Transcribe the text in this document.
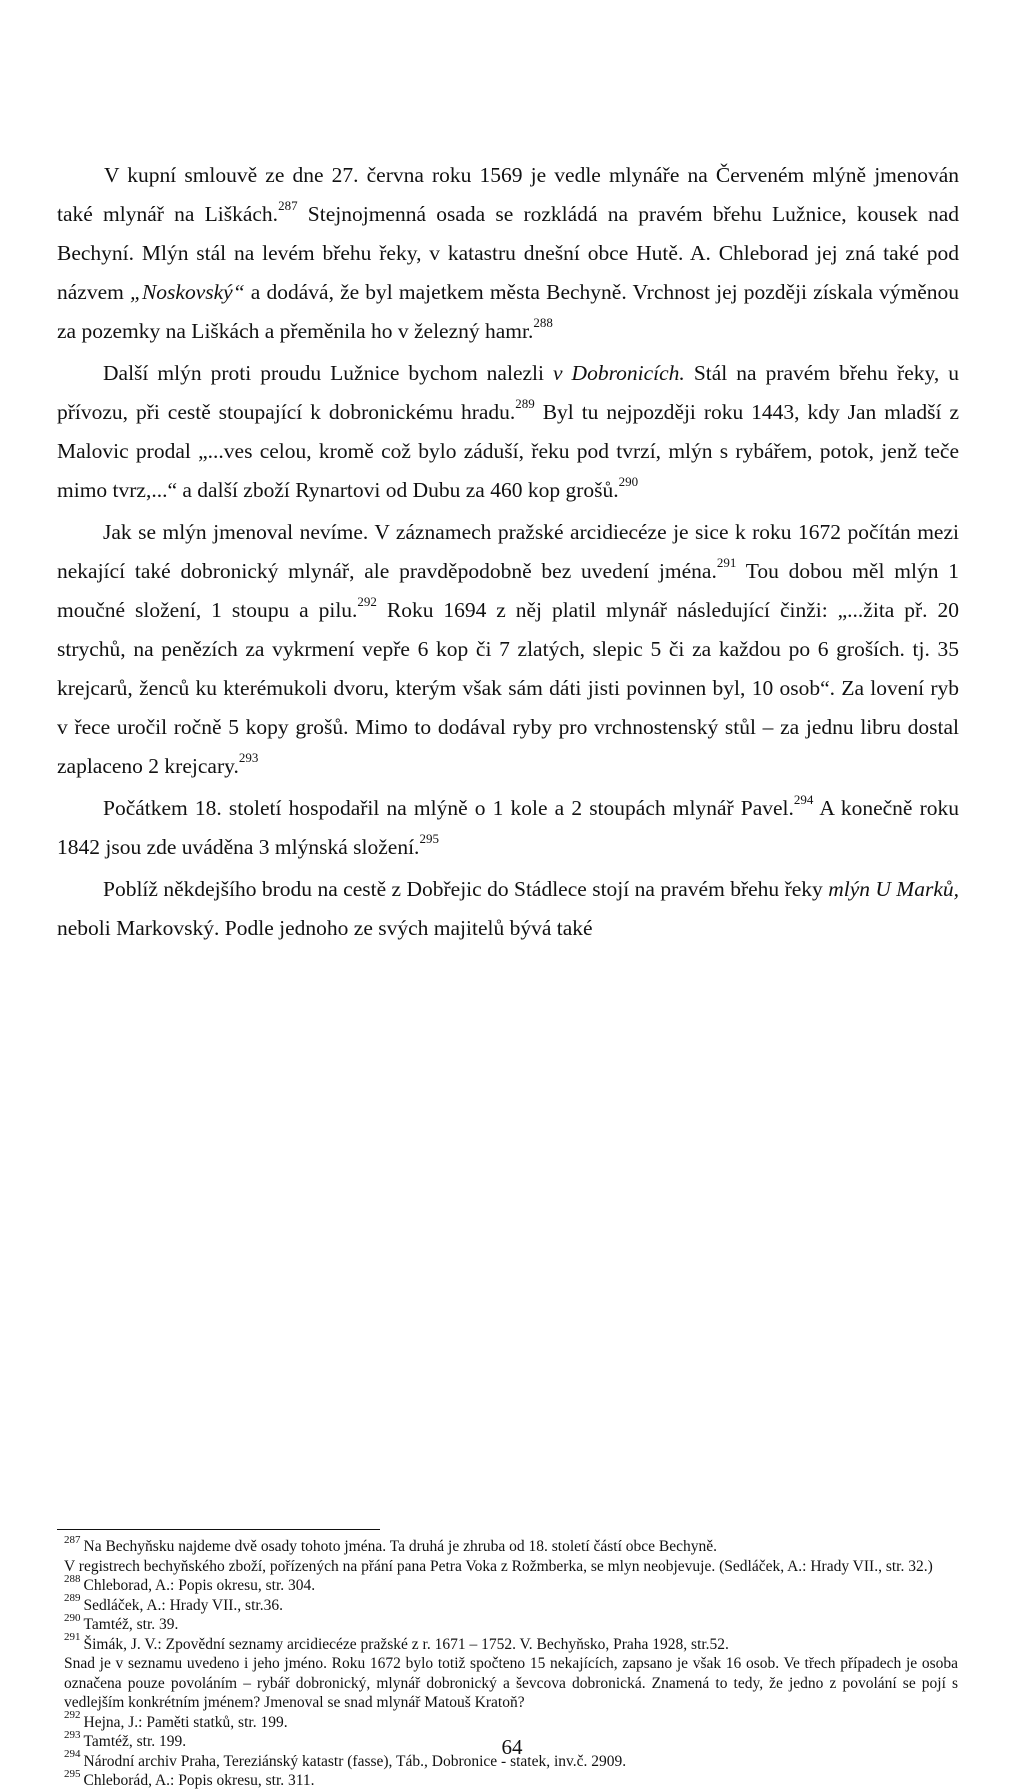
V kupní smlouvě ze dne 27. června roku 1569 je vedle mlynáře na Červeném mlýně jmenován také mlynář na Liškách.$^{287}$ Stejnojmenná osada se rozkládá na pravém břehu Lužnice, kousek nad Bechyní. Mlýn stál na levém břehu řeky, v katastru dnešní obce Hutě. A. Chleborad jej zná také pod názvem „Noskovský“ a dodává, že byl majetkem města Bechyně. Vrchnost jej později získala výměnou za pozemky na Liškách a přeměnila ho v železný hamr.$^{288}$

Další mlýn proti proudu Lužnice bychom nalezli v Dobronicích. Stál na pravém břehu řeky, u přívozu, při cestě stoupající k dobronickému hradu.$^{289}$ Byl tu nejpozději roku 1443, kdy Jan mladší z Malovic prodal „...ves celou, kromě což bylo záduší, řeku pod tvrzí, mlýn s rybářem, potok, jenž teče mimo tvrz,...“ a další zboží Rynartovi od Dubu za 460 kop grošů.$^{290}$

Jak se mlýn jmenoval nevíme. V záznamech pražské arcidiecéze je sice k roku 1672 počítán mezi nekající také dobronický mlynář, ale pravděpodobně bez uvedení jména.$^{291}$ Tou dobou měl mlýn 1 moučné složení, 1 stoupu a pilu.$^{292}$ Roku 1694 z něj platil mlynář následující činži: „...žita př. 20 strychů, na penězích za vykrmení vepře 6 kop či 7 zlatých, slepic 5 či za každou po 6 groších. tj. 35 krejcarů, ženců ku kterémukoli dvoru, kterým však sám dáti jisti povinnen byl, 10 osob“. Za lovení ryb v řece uročil ročně 5 kopy grošů. Mimo to dodával ryby pro vrchnostenský stůl – za jednu libru dostal zaplaceno 2 krejcary.$^{293}$

Počátkem 18. století hospodařil na mlýně o 1 kole a 2 stoupách mlynář Pavel.$^{294}$ A konečně roku 1842 jsou zde uváděna 3 mlýnská složení.$^{295}$

Poblíž někdejšího brodu na cestě z Dobřejic do Stádlece stojí na pravém břehu řeky mlýn U Marků, neboli Markovský. Podle jednoho ze svých majitelů bývá také

$^{287}$ Na Bechyňsku najdeme dvě osady tohoto jména. Ta druhá je zhruba od 18. století částí obce Bechyně.

V registrech bechyňského zboží, pořízených na přání pana Petra Voka z Rožmberka, se mlyn neobjevuje. (Sedláček, A.: Hrady VII., str. 32.)

$^{288}$ Chleborad, A.: Popis okresu, str. 304.

$^{289}$ Sedláček, A.: Hrady VII., str.36.

$^{290}$ Tamtéž, str. 39.

$^{291}$ Šimák, J. V.: Zpovědní seznamy arcidiecéze pražské z r. 1671 – 1752. V. Bechyňsko, Praha 1928, str.52.

Snad je v seznamu uvedeno i jeho jméno. Roku 1672 bylo totiž spočteno 15 nekajících, zapsano je však 16 osob. Ve třech případech je osoba označena pouze povoláním – rybář dobronický, mlynář dobronický a ševcova dobronická. Znamená to tedy, že jedno z povolání se pojí s vedlejším konkrétním jménem? Jmenoval se snad mlynář Matouš Kratoň?

$^{292}$ Hejna, J.: Paměti statků, str. 199.

$^{293}$ Tamtéž, str. 199.

$^{294}$ Národní archiv Praha, Tereziánský katastr (fasse), Táb., Dobronice - statek, inv.č. 2909.

$^{295}$ Chleborád, A.: Popis okresu, str. 311.

64
